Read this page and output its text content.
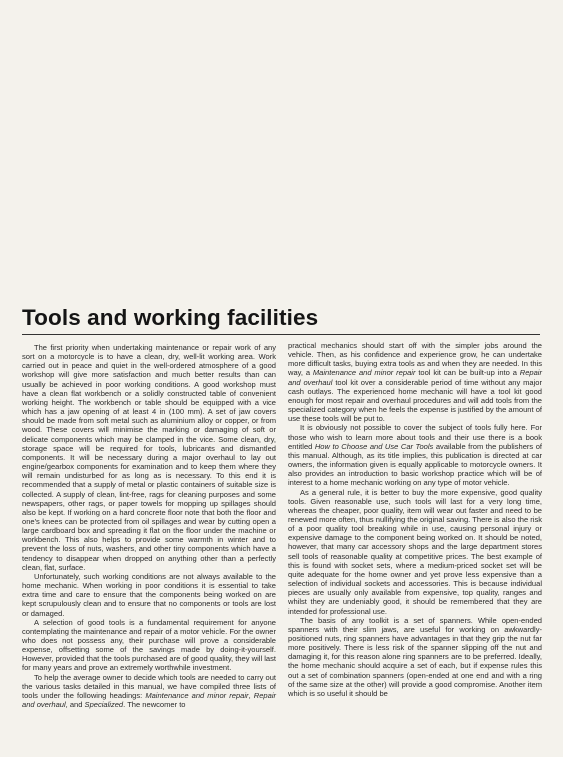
Tools and working facilities

The first priority when undertaking maintenance or repair work of any sort on a motorcycle is to have a clean, dry, well-lit working area. Work carried out in peace and quiet in the well-ordered atmosphere of a good workshop will give more satisfaction and much better results than can usually be achieved in poor working conditions. A good workshop must have a clean flat workbench or a solidly constructed table of convenient working height. The workbench or table should be equipped with a vice which has a jaw opening of at least 4 in (100 mm). A set of jaw covers should be made from soft metal such as aluminium alloy or copper, or from wood. These covers will minimise the marking or damaging of soft or delicate components which may be clamped in the vice. Some clean, dry, storage space will be required for tools, lubricants and dismantled components. It will be necessary during a major overhaul to lay out engine/gearbox components for examination and to keep them where they will remain undisturbed for as long as is necessary. To this end it is recommended that a supply of metal or plastic containers of suitable size is collected. A supply of clean, lint-free, rags for cleaning purposes and some newspapers, other rags, or paper towels for mopping up spillages should also be kept. If working on a hard concrete floor note that both the floor and one's knees can be protected from oil spillages and wear by cutting open a large cardboard box and spreading it flat on the floor under the machine or workbench. This also helps to provide some warmth in winter and to prevent the loss of nuts, washers, and other tiny components which have a tendency to disappear when dropped on anything other than a perfectly clean, flat, surface.

Unfortunately, such working conditions are not always available to the home mechanic. When working in poor conditions it is essential to take extra time and care to ensure that the components being worked on are kept scrupulously clean and to ensure that no components or tools are lost or damaged.

A selection of good tools is a fundamental requirement for anyone contemplating the maintenance and repair of a motor vehicle. For the owner who does not possess any, their purchase will prove a considerable expense, offsetting some of the savings made by doing-it-yourself. However, provided that the tools purchased are of good quality, they will last for many years and prove an extremely worthwhile investment.

To help the average owner to decide which tools are needed to carry out the various tasks detailed in this manual, we have compiled three lists of tools under the following headings: Maintenance and minor repair, Repair and overhaul, and Specialized. The newcomer to

practical mechanics should start off with the simpler jobs around the vehicle. Then, as his confidence and experience grow, he can undertake more difficult tasks, buying extra tools as and when they are needed. In this way, a Maintenance and minor repair tool kit can be built-up into a Repair and overhaul tool kit over a considerable period of time without any major cash outlays. The experienced home mechanic will have a tool kit good enough for most repair and overhaul procedures and will add tools from the specialized category when he feels the expense is justified by the amount of use these tools will be put to.

It is obviously not possible to cover the subject of tools fully here. For those who wish to learn more about tools and their use there is a book entitled How to Choose and Use Car Tools available from the publishers of this manual. Although, as its title implies, this publication is directed at car owners, the information given is equally applicable to motorcycle owners. It also provides an introduction to basic workshop practice which will be of interest to a home mechanic working on any type of motor vehicle.

As a general rule, it is better to buy the more expensive, good quality tools. Given reasonable use, such tools will last for a very long time, whereas the cheaper, poor quality, item will wear out faster and need to be renewed more often, thus nullifying the original saving. There is also the risk of a poor quality tool breaking while in use, causing personal injury or expensive damage to the component being worked on. It should be noted, however, that many car accessory shops and the large department stores sell tools of reasonable quality at competitive prices. The best example of this is found with socket sets, where a medium-priced socket set will be quite adequate for the home owner and yet prove less expensive than a selection of individual sockets and accessories. This is because individual pieces are usually only available from expensive, top quality, ranges and whilst they are undeniably good, it should be remembered that they are intended for professional use.

The basis of any toolkit is a set of spanners. While open-ended spanners with their slim jaws, are useful for working on awkwardly-positioned nuts, ring spanners have advantages in that they grip the nut far more positively. There is less risk of the spanner slipping off the nut and damaging it, for this reason alone ring spanners are to be preferred. Ideally, the home mechanic should acquire a set of each, but if expense rules this out a set of combination spanners (open-ended at one end and with a ring of the same size at the other) will provide a good compromise. Another item which is so useful it should be
